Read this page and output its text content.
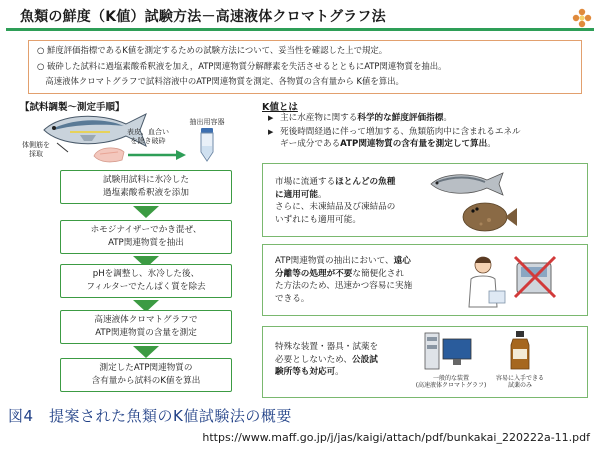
魚類の鮮度（K値）試験方法－高速液体クロマトグラフ法
○ 鮮度評価指標であるK値を測定するための試験方法について、妥当性を確認した上で規定。
○ 破砕した試料に過塩素酸希釈液を加え，ATP関連物質分解酵素を失活させるとともにATP関連物質を抽出。
　高速液体クロマトグラフで試料溶液中のATP関連物質を測定、各物質の含有量から K値を算出。
【試料調製～測定手順】	K値とは
体側筋を
採取
表皮、血合い
を除き破砕
抽出用容器
試験用試料に氷冷した
過塩素酸希釈液を添加
ホモジナイザーでかき混ぜ、
ATP関連物質を抽出
pHを調整し、氷冷した後、
フィルターでたんぱく質を除去
高速液体クロマトグラフで
ATP関連物質の含量を測定
測定したATP関連物質の
含有量から試料のK値を算出
▶ 主に水産物に関する科学的な鮮度評価指標。
▶ 死後時間経過に伴って増加する、魚類筋肉中に含まれるエネル
ギー成分であるATP関連物質の含有量を測定して算出。
市場に流通するほとんどの魚種
に適用可能。
さらに、未凍結品及び凍結品の
いずれにも適用可能。
ATP関連物質の抽出において、遠心
分離等の処理が不要な簡便化され
た方法のため、迅速かつ容易に実施
できる。
特殊な装置・器具・試薬を
必要としないため、公設試
験所等も対応可。
一般的な装置
(高速液体クロマトグラフ)
容易に入手できる
試薬のみ
図4　提案された魚類のK値試験法の概要
https://www.maff.go.jp/j/jas/kaigi/attach/pdf/bunkakai_220222a-11.pdf
